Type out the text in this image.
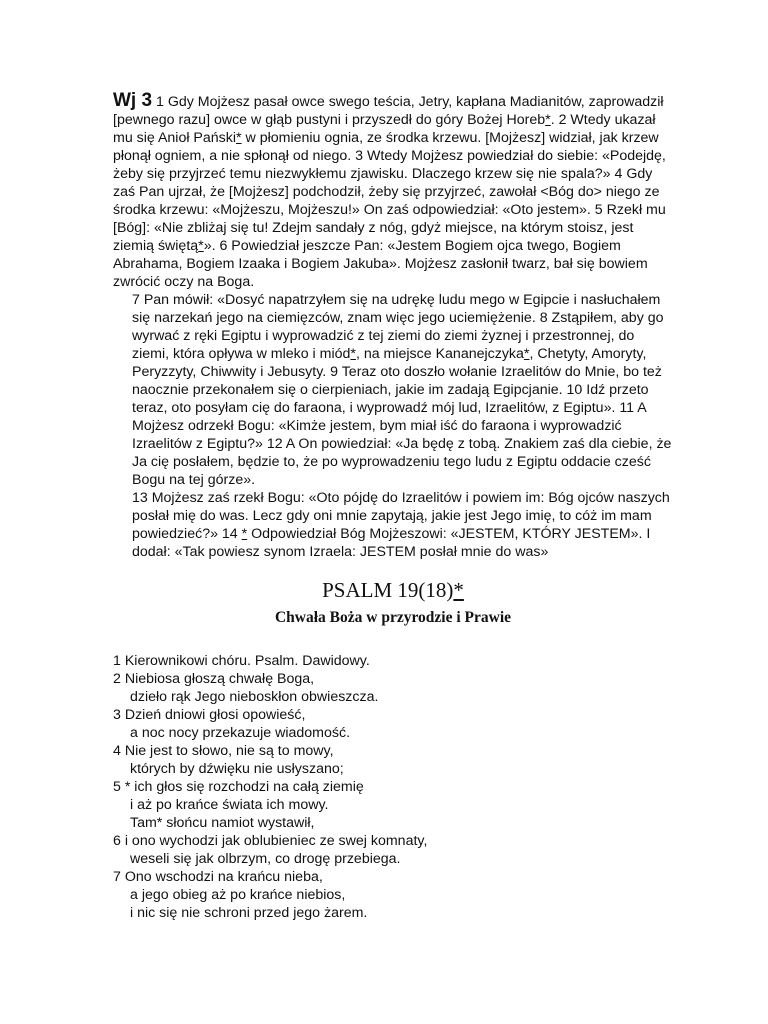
Wj 3 1 Gdy Mojżesz pasał owce swego teścia, Jetry, kapłana Madianitów, zaprowadził [pewnego razu] owce w głąb pustyni i przyszedł do góry Bożej Horeb*. 2 Wtedy ukazał mu się Anioł Pański* w płomieniu ognia, ze środka krzewu. [Mojżesz] widział, jak krzew płonął ogniem, a nie spłonął od niego. 3 Wtedy Mojżesz powiedział do siebie: «Podejdę, żeby się przyjrzeć temu niezwykłemu zjawisku. Dlaczego krzew się nie spala?» 4 Gdy zaś Pan ujrzał, że [Mojżesz] podchodził, żeby się przyjrzeć, zawołał <Bóg do> niego ze środka krzewu: «Mojżeszu, Mojżeszu!» On zaś odpowiedział: «Oto jestem». 5 Rzekł mu [Bóg]: «Nie zbliżaj się tu! Zdejm sandały z nóg, gdyż miejsce, na którym stoisz, jest ziemią świętą*». 6 Powiedział jeszcze Pan: «Jestem Bogiem ojca twego, Bogiem Abrahama, Bogiem Izaaka i Bogiem Jakuba». Mojżesz zasłonił twarz, bał się bowiem zwrócić oczy na Boga.

7 Pan mówił: «Dosyć napatrzyłem się na udrękę ludu mego w Egipcie i nasłuchałem się narzekań jego na ciemięzców, znam więc jego uciemiężenie. 8 Zstąpiłem, aby go wyrwać z ręki Egiptu i wyprowadzić z tej ziemi do ziemi żyznej i przestronnej, do ziemi, która opływa w mleko i miód*, na miejsce Kananejczyka*, Chetyty, Amoryty, Peryzzyty, Chiwwity i Jebusyty. 9 Teraz oto doszło wołanie Izraelitów do Mnie, bo też naocznie przekonałem się o cierpieniach, jakie im zadają Egipcjanie. 10 Idź przeto teraz, oto posyłam cię do faraona, i wyprowadź mój lud, Izraelitów, z Egiptu». 11 A Mojżesz odrzekł Bogu: «Kimże jestem, bym miał iść do faraona i wyprowadzić Izraelitów z Egiptu?» 12 A On powiedział: «Ja będę z tobą. Znakiem zaś dla ciebie, że Ja cię posłałem, będzie to, że po wyprowadzeniu tego ludu z Egiptu oddacie cześć Bogu na tej górze».

13 Mojżesz zaś rzekł Bogu: «Oto pójdę do Izraelitów i powiem im: Bóg ojców naszych posłał mię do was. Lecz gdy oni mnie zapytają, jakie jest Jego imię, to cóż im mam powiedzieć?» 14 * Odpowiedział Bóg Mojżeszowi: «JESTEM, KTÓRY JESTEM». I dodał: «Tak powiesz synom Izraela: JESTEM posłał mnie do was»

PSALM 19(18)*
Chwała Boża w przyrodzie i Prawie
1 Kierownikowi chóru. Psalm. Dawidowy.
2 Niebiosa głoszą chwałę Boga,
dzieło rąk Jego nieboskłon obwieszcza.
3 Dzień dniowi głosi opowieść,
a noc nocy przekazuje wiadomość.
4 Nie jest to słowo, nie są to mowy,
których by dźwięku nie usłyszano;
5 * ich głos się rozchodzi na całą ziemię
i aż po krańce świata ich mowy.
Tam* słońcu namiot wystawił,
6 i ono wychodzi jak oblubieniec ze swej komnaty,
weseli się jak olbrzym, co drogę przebiega.
7 Ono wschodzi na krańcu nieba,
a jego obieg aż po krańce niebios,
i nic się nie schroni przed jego żarem.
